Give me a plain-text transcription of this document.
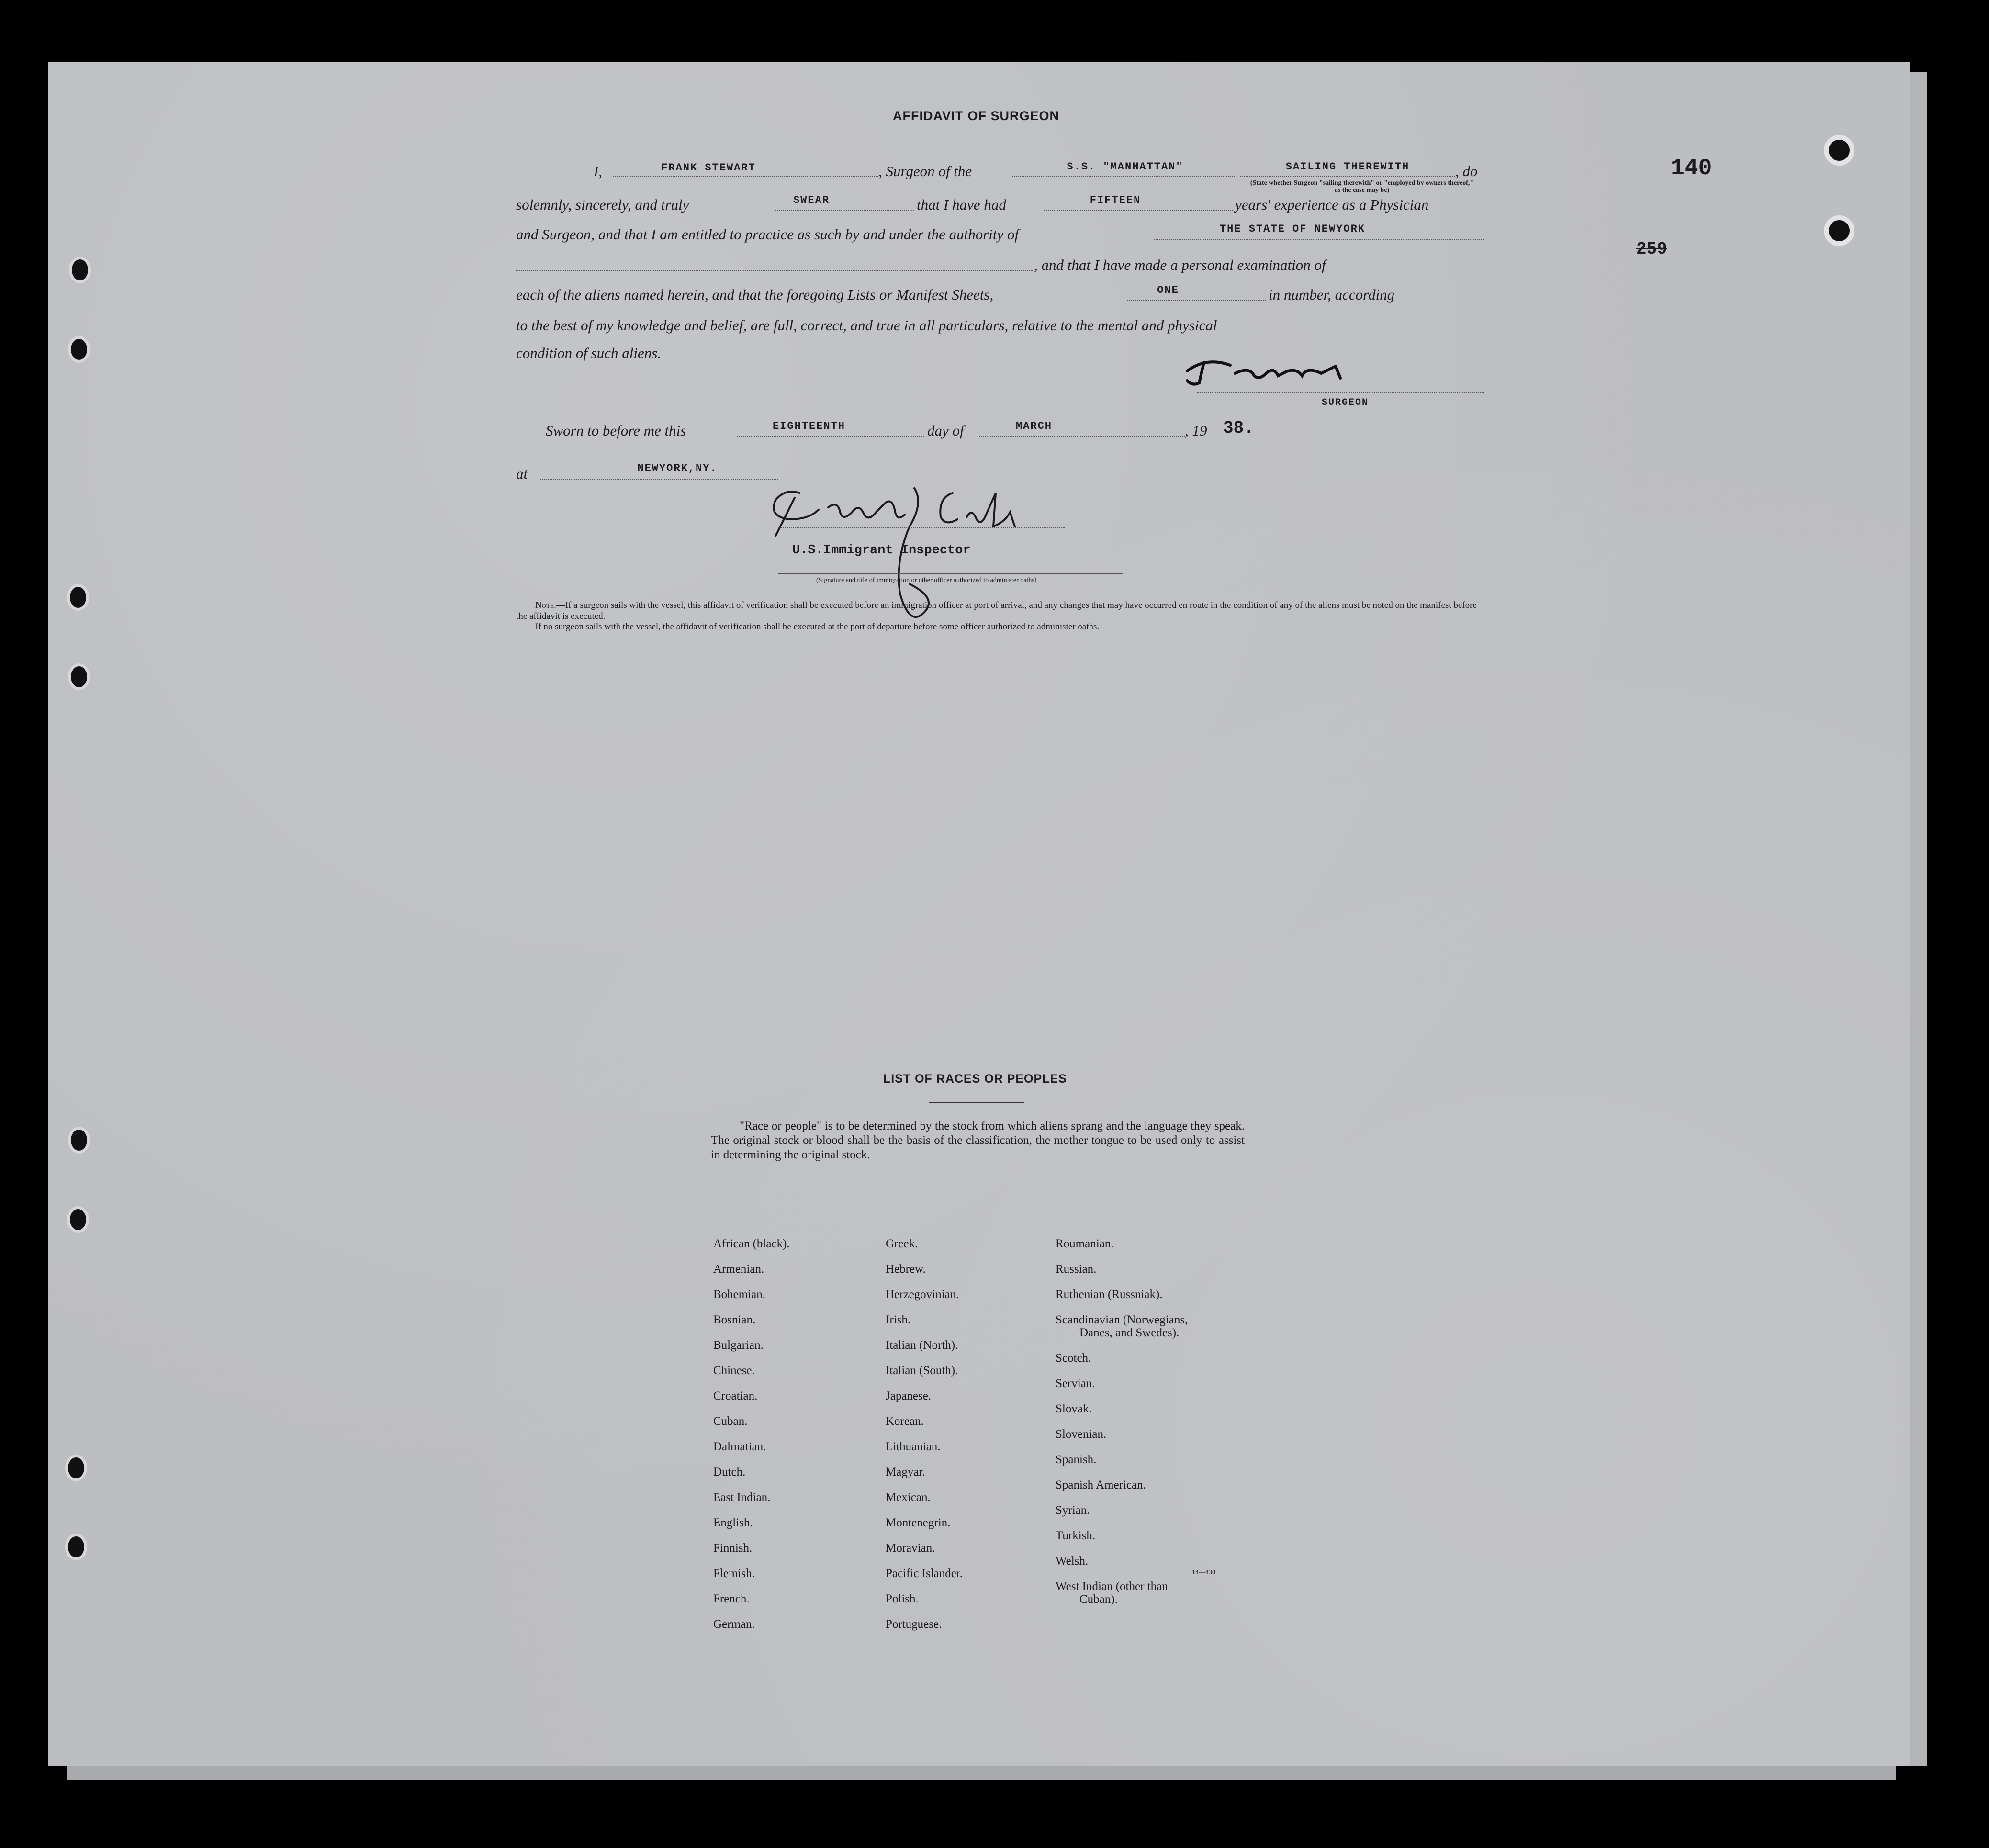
140
259
AFFIDAVIT OF SURGEON
I,	FRANK STEWART	, Surgeon of the	S.S. "MANHATTAN"	SAILING THEREWITH	, do
(State whether Surgeon "sailing therewith" or "employed by owners thereof," as the case may be)
solemnly, sincerely, and truly	SWEAR	that I have had	FIFTEEN	years' experience as a Physician
and Surgeon, and that I am entitled to practice as such by and under the authority of	THE STATE OF NEWYORK
, and that I have made a personal examination of
each of the aliens named herein, and that the foregoing Lists or Manifest Sheets,	ONE	in number, according
to the best of my knowledge and belief, are full, correct, and true in all particulars, relative to the mental and physical
condition of such aliens.
SURGEON
Sworn to before me this	EIGHTEENTH	day of	MARCH	, 19 38.
at	NEWYORK,NY.
U.S.Immigrant Inspector
(Signature and title of immigration or other officer authorized to administer oaths)
Note.—If a surgeon sails with the vessel, this affidavit of verification shall be executed before an immigration officer at port of arrival, and any changes that may have occurred en route in the condition of any of the aliens must be noted on the manifest before the affidavit is executed.
If no surgeon sails with the vessel, the affidavit of verification shall be executed at the port of departure before some officer authorized to administer oaths.
LIST OF RACES OR PEOPLES
"Race or people" is to be determined by the stock from which aliens sprang and the language they speak. The original stock or blood shall be the basis of the classification, the mother tongue to be used only to assist in determining the original stock.
African (black).
Armenian.
Bohemian.
Bosnian.
Bulgarian.
Chinese.
Croatian.
Cuban.
Dalmatian.
Dutch.
East Indian.
English.
Finnish.
Flemish.
French.
German.
Greek.
Hebrew.
Herzegovinian.
Irish.
Italian (North).
Italian (South).
Japanese.
Korean.
Lithuanian.
Magyar.
Mexican.
Montenegrin.
Moravian.
Pacific Islander.
Polish.
Portuguese.
Roumanian.
Russian.
Ruthenian (Russniak).
Scandinavian (Norwegians,
Danes, and Swedes).
Scotch.
Servian.
Slovak.
Slovenian.
Spanish.
Spanish American.
Syrian.
Turkish.
Welsh.
West Indian (other than
Cuban).
14—430
